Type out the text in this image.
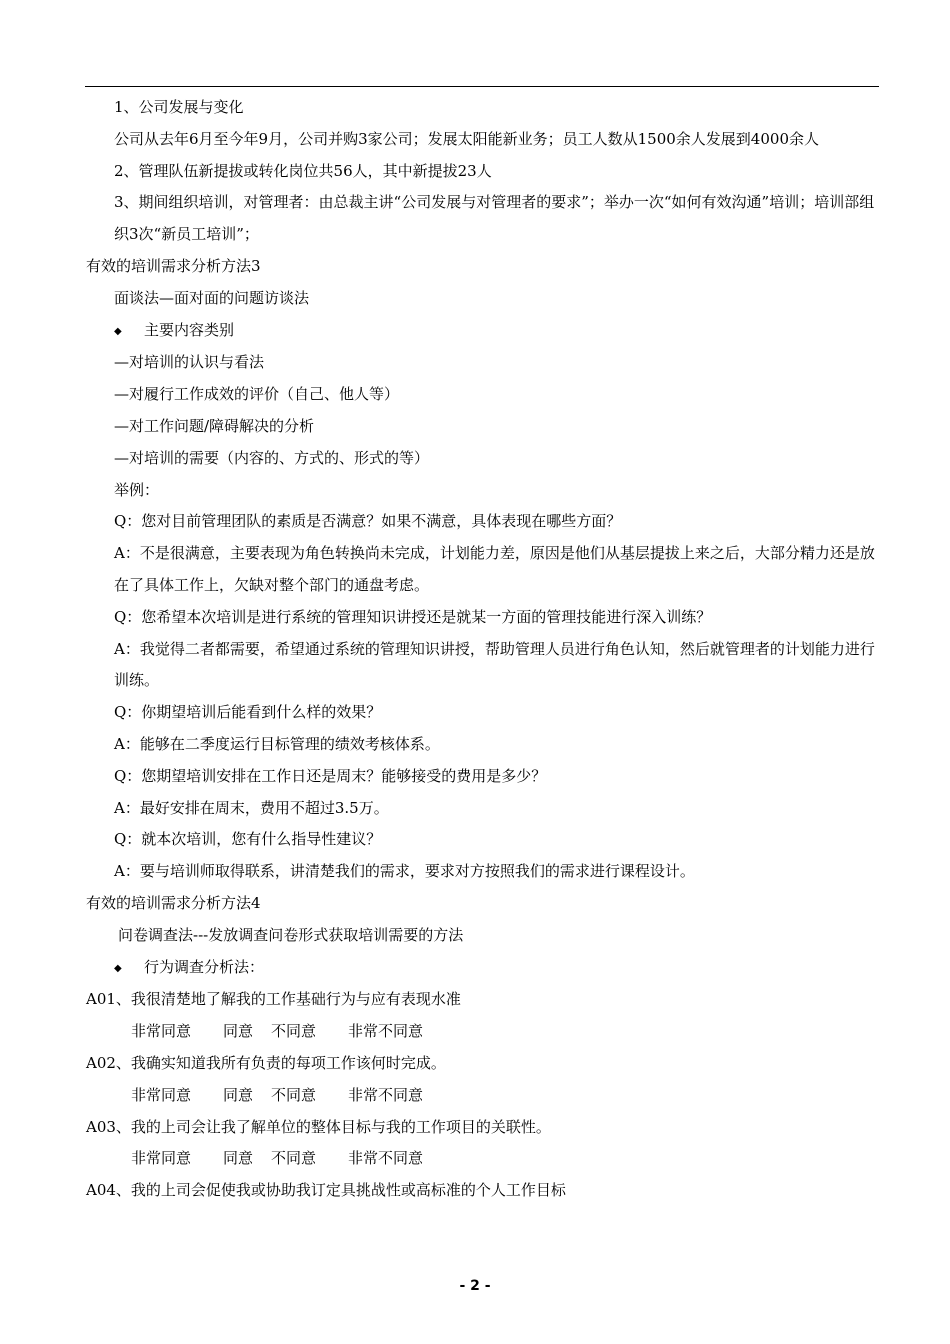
1、公司发展与变化

公司从去年6月至今年9月，公司并购3家公司；发展太阳能新业务；员工人数从1500余人发展到4000余人

2、管理队伍新提拔或转化岗位共56人，其中新提拔23人

3、期间组织培训，对管理者：由总裁主讲“公司发展与对管理者的要求”；举办一次“如何有效沟通”培训；培训部组织3次“新员工培训”；

有效的培训需求分析方法3

面谈法—面对面的问题访谈法

◆ 主要内容类别

—对培训的认识与看法

—对履行工作成效的评价（自己、他人等）

—对工作问题/障碍解决的分析

—对培训的需要（内容的、方式的、形式的等）

举例：

Q：您对目前管理团队的素质是否满意？如果不满意，具体表现在哪些方面？

A：不是很满意，主要表现为角色转换尚未完成，计划能力差，原因是他们从基层提拔上来之后，大部分精力还是放在了具体工作上，欠缺对整个部门的通盘考虑。

Q：您希望本次培训是进行系统的管理知识讲授还是就某一方面的管理技能进行深入训练？

A：我觉得二者都需要，希望通过系统的管理知识讲授，帮助管理人员进行角色认知，然后就管理者的计划能力进行训练。

Q：你期望培训后能看到什么样的效果？

A：能够在二季度运行目标管理的绩效考核体系。

Q：您期望培训安排在工作日还是周末？能够接受的费用是多少？

A：最好安排在周末，费用不超过3.5万。

Q：就本次培训，您有什么指导性建议？

A：要与培训师取得联系，讲清楚我们的需求，要求对方按照我们的需求进行课程设计。

有效的培训需求分析方法4

问卷调查法---发放调查问卷形式获取培训需要的方法

◆ 行为调查分析法：

A01、我很清楚地了解我的工作基础行为与应有表现水准

非常同意 同意 不同意 非常不同意

A02、我确实知道我所有负责的每项工作该何时完成。

非常同意 同意 不同意 非常不同意

A03、我的上司会让我了解单位的整体目标与我的工作项目的关联性。

非常同意 同意 不同意 非常不同意

A04、我的上司会促使我或协助我订定具挑战性或高标准的个人工作目标

- 2 -
